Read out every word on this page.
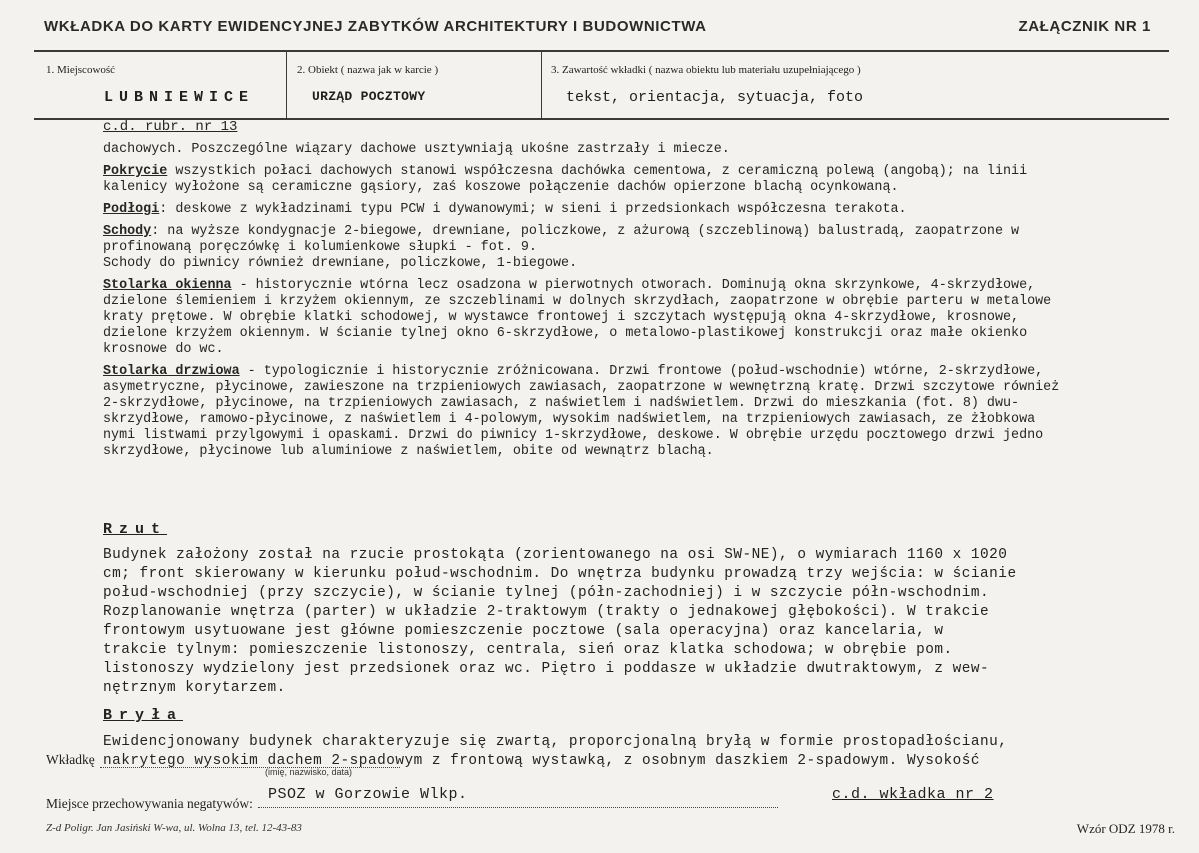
WKŁADKA DO KARTY EWIDENCYJNEJ ZABYTKÓW ARCHITEKTURY I BUDOWNICTWA	ZAŁĄCZNIK NR 1
1. Miejscowość	2. Obiekt ( nazwa jak w karcie )	3. Zawartość wkładki ( nazwa obiektu lub materiału uzupełniającego )
LUBNIEWICE	URZĄD POCZTOWY	tekst, orientacja, sytuacja, foto

c.d. rubr. nr 13

dachowych. Poszczególne wiązary dachowe usztywniają ukośne zastrzały i miecze.

Pokrycie wszystkich połaci dachowych stanowi współczesna dachówka cementowa, z ceramiczną polewą (angobą); na linii

kalenicy wyłożone są ceramiczne gąsiory, zaś koszowe połączenie dachów opierzone blachą ocynkowaną.

Podłogi: deskowe z wykładzinami typu PCW i dywanowymi; w sieni i przedsionkach współczesna terakota.

Schody: na wyższe kondygnacje 2-biegowe, drewniane, policzkowe, z ażurową (szczeblinową) balustradą, zaopatrzone w

profinowaną poręczówkę i kolumienkowe słupki - fot. 9.

Schody do piwnicy również drewniane, policzkowe, 1-biegowe.

Stolarka okienna - historycznie wtórna lecz osadzona w pierwotnych otworach. Dominują okna skrzynkowe, 4-skrzydłowe,

dzielone ślemieniem i krzyżem okiennym, ze szczeblinami w dolnych skrzydłach, zaopatrzone w obrębie parteru w metalowe

kraty prętowe. W obrębie klatki schodowej, w wystawce frontowej i szczytach występują okna 4-skrzydłowe, krosnowe,

dzielone krzyżem okiennym. W ścianie tylnej okno 6-skrzydłowe, o metalowo-plastikowej konstrukcji oraz małe okienko

krosnowe do wc.

Stolarka drzwiowa - typologicznie i historycznie zróżnicowana. Drzwi frontowe (połud-wschodnie) wtórne, 2-skrzydłowe,

asymetryczne, płycinowe, zawieszone na trzpieniowych zawiasach, zaopatrzone w wewnętrzną kratę. Drzwi szczytowe również

2-skrzydłowe, płycinowe, na trzpieniowych zawiasach, z naświetlem i nadświetlem. Drzwi do mieszkania (fot. 8) dwu-

skrzydłowe, ramowo-płycinowe, z naświetlem i 4-polowym, wysokim nadświetlem, na trzpieniowych zawiasach, ze żłobkowa

nymi listwami przylgowymi i opaskami. Drzwi do piwnicy 1-skrzydłowe, deskowe. W obrębie urzędu pocztowego drzwi jedno

skrzydłowe, płycinowe lub aluminiowe z naświetlem, obite od wewnątrz blachą.

Rzut
Budynek założony został na rzucie prostokąta (zorientowanego na osi SW-NE), o wymiarach 1160 x 1020
cm; front skierowany w kierunku połud-wschodnim. Do wnętrza budynku prowadzą trzy wejścia: w ścianie
połud-wschodniej (przy szczycie), w ścianie tylnej (półn-zachodniej) i w szczycie półn-wschodnim.
Rozplanowanie wnętrza (parter) w układzie 2-traktowym (trakty o jednakowej głębokości). W trakcie
frontowym usytuowane jest główne pomieszczenie pocztowe (sala operacyjna) oraz kancelaria, w
trakcie tylnym: pomieszczenie listonoszy, centrala, sień oraz klatka schodowa; w obrębie pom.
listonoszy wydzielony jest przedsionek oraz wc. Piętro i poddasze w układzie dwutraktowym, z wew-
nętrznym korytarzem.
Bryła
Ewidencjonowany budynek charakteryzuje się zwartą, proporcjonalną bryłą w formie prostopadłościanu,
nakrytego wysokim dachem 2-spadowym z frontową wystawką, z osobnym daszkiem 2-spadowym. Wysokość
Wkładkę
(imię, nazwisko, data)
Miejsce przechowywania negatywów:
PSOZ w Gorzowie Wlkp.	c.d. wkładka nr 2
Z-d Poligr. Jan Jasiński W-wa, ul. Wolna 13, tel. 12-43-83	Wzór ODZ 1978 r.
